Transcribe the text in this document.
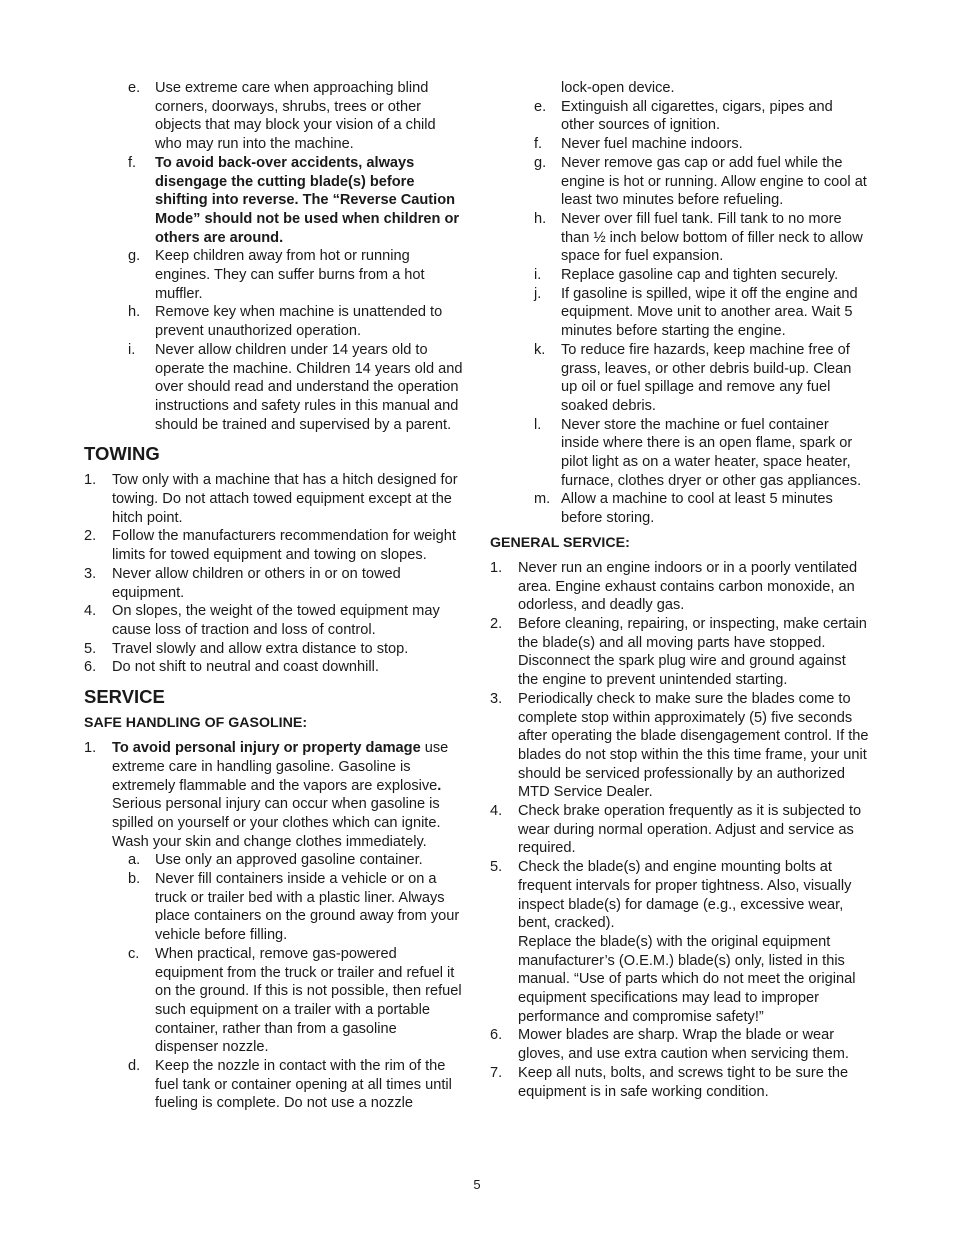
e. Use extreme care when approaching blind corners, doorways, shrubs, trees or other objects that may block your vision of a child who may run into the machine.
f. To avoid back-over accidents, always disengage the cutting blade(s) before shifting into reverse. The “Reverse Caution Mode” should not be used when children or others are around.
g. Keep children away from hot or running engines. They can suffer burns from a hot muffler.
h. Remove key when machine is unattended to prevent unauthorized operation.
i. Never allow children under 14 years old to operate the machine. Children 14 years old and over should read and understand the operation instructions and safety rules in this manual and should be trained and supervised by a parent.
TOWING
1. Tow only with a machine that has a hitch designed for towing. Do not attach towed equipment except at the hitch point.
2. Follow the manufacturers recommendation for weight limits for towed equipment and towing on slopes.
3. Never allow children or others in or on towed equipment.
4. On slopes, the weight of the towed equipment may cause loss of traction and loss of control.
5. Travel slowly and allow extra distance to stop.
6. Do not shift to neutral and coast downhill.
SERVICE
SAFE HANDLING OF GASOLINE:
1. To avoid personal injury or property damage use extreme care in handling gasoline. Gasoline is extremely flammable and the vapors are explosive. Serious personal injury can occur when gasoline is spilled on yourself or your clothes which can ignite. Wash your skin and change clothes immediately.
a. Use only an approved gasoline container.
b. Never fill containers inside a vehicle or on a truck or trailer bed with a plastic liner. Always place containers on the ground away from your vehicle before filling.
c. When practical, remove gas-powered equipment from the truck or trailer and refuel it on the ground. If this is not possible, then refuel such equipment on a trailer with a portable container, rather than from a gasoline dispenser nozzle.
d. Keep the nozzle in contact with the rim of the fuel tank or container opening at all times until fueling is complete. Do not use a nozzle
lock-open device.
e. Extinguish all cigarettes, cigars, pipes and other sources of ignition.
f. Never fuel machine indoors.
g. Never remove gas cap or add fuel while the engine is hot or running. Allow engine to cool at least two minutes before refueling.
h. Never over fill fuel tank. Fill tank to no more than ½ inch below bottom of filler neck to allow space for fuel expansion.
i. Replace gasoline cap and tighten securely.
j. If gasoline is spilled, wipe it off the engine and equipment. Move unit to another area. Wait 5 minutes before starting the engine.
k. To reduce fire hazards, keep machine free of grass, leaves, or other debris build-up. Clean up oil or fuel spillage and remove any fuel soaked debris.
l. Never store the machine or fuel container inside where there is an open flame, spark or pilot light as on a water heater, space heater, furnace, clothes dryer or other gas appliances.
m. Allow a machine to cool at least 5 minutes before storing.
GENERAL SERVICE:
1. Never run an engine indoors or in a poorly ventilated area. Engine exhaust contains carbon monoxide, an odorless, and deadly gas.
2. Before cleaning, repairing, or inspecting, make certain the blade(s) and all moving parts have stopped. Disconnect the spark plug wire and ground against the engine to prevent unintended starting.
3. Periodically check to make sure the blades come to complete stop within approximately (5) five seconds after operating the blade disengagement control. If the blades do not stop within the this time frame, your unit should be serviced professionally by an authorized MTD Service Dealer.
4. Check brake operation frequently as it is subjected to wear during normal operation. Adjust and service as required.
5. Check the blade(s) and engine mounting bolts at frequent intervals for proper tightness. Also, visually inspect blade(s) for damage (e.g., excessive wear, bent, cracked).
Replace the blade(s) with the original equipment manufacturer’s (O.E.M.) blade(s) only, listed in this manual. “Use of parts which do not meet the original equipment specifications may lead to improper performance and compromise safety!”
6. Mower blades are sharp. Wrap the blade or wear gloves, and use extra caution when servicing them.
7. Keep all nuts, bolts, and screws tight to be sure the equipment is in safe working condition.
5
